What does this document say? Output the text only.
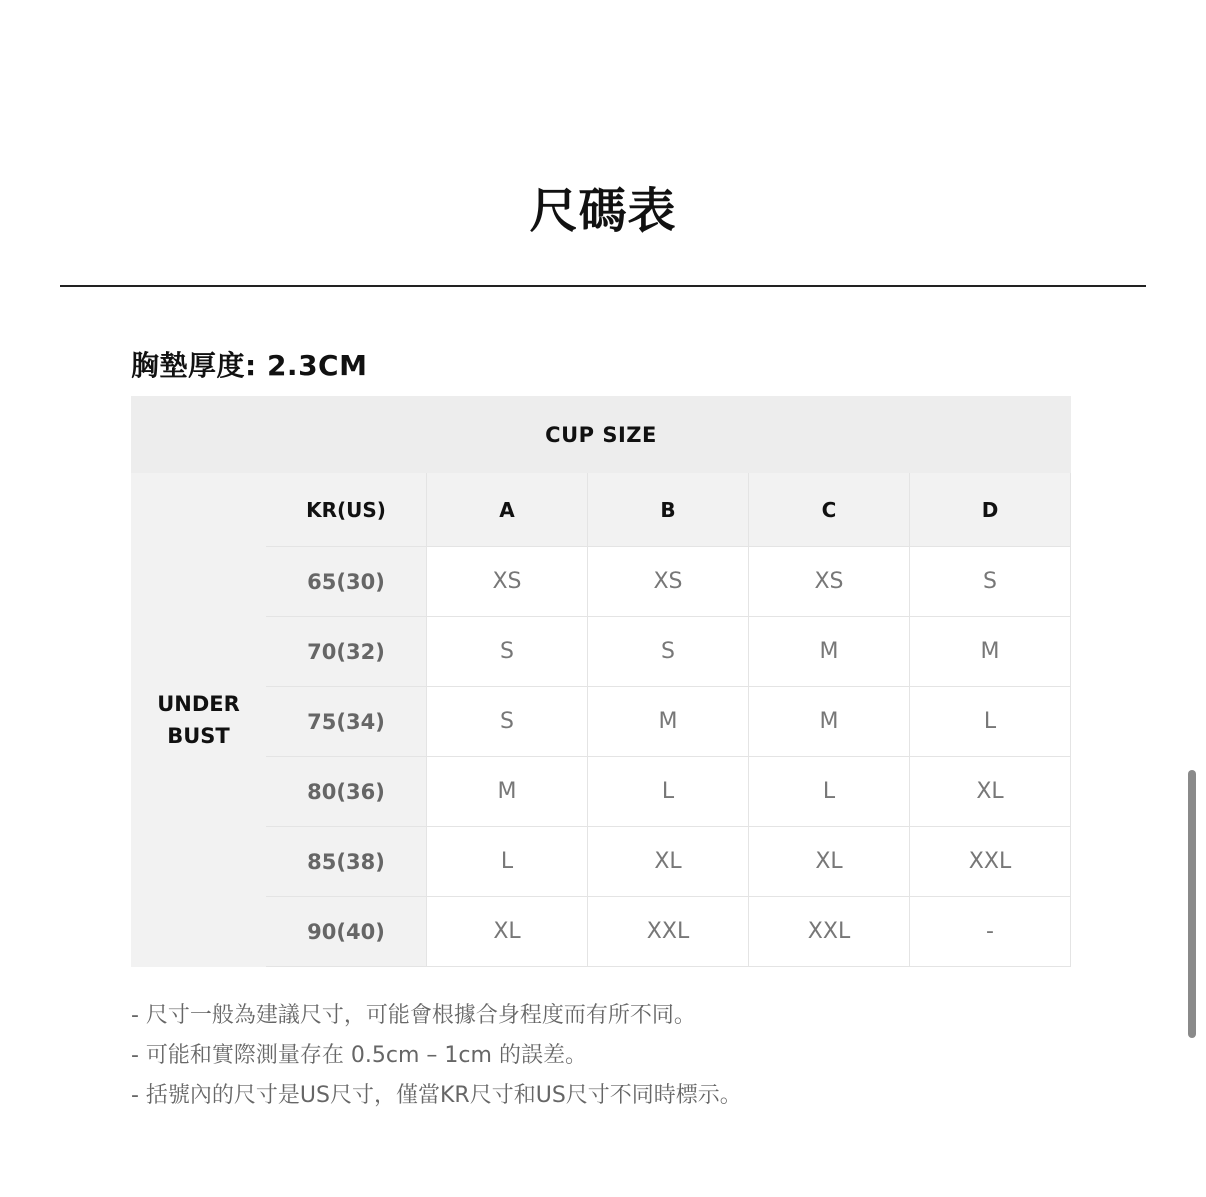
尺碼表
胸墊厚度: 2.3CM
CUP SIZE					
UNDER
BUST	KR(US)	A	B	C	D
	65(30)	XS	XS	XS	S
	70(32)	S	S	M	M
	75(34)	S	M	M	L
	80(36)	M	L	L	XL
	85(38)	L	XL	XL	XXL
	90(40)	XL	XXL	XXL	-
- 尺寸一般為建議尺寸，可能會根據合身程度而有所不同。
- 可能和實際測量存在 0.5cm – 1cm 的誤差。
- 括號內的尺寸是US尺寸，僅當KR尺寸和US尺寸不同時標示。
